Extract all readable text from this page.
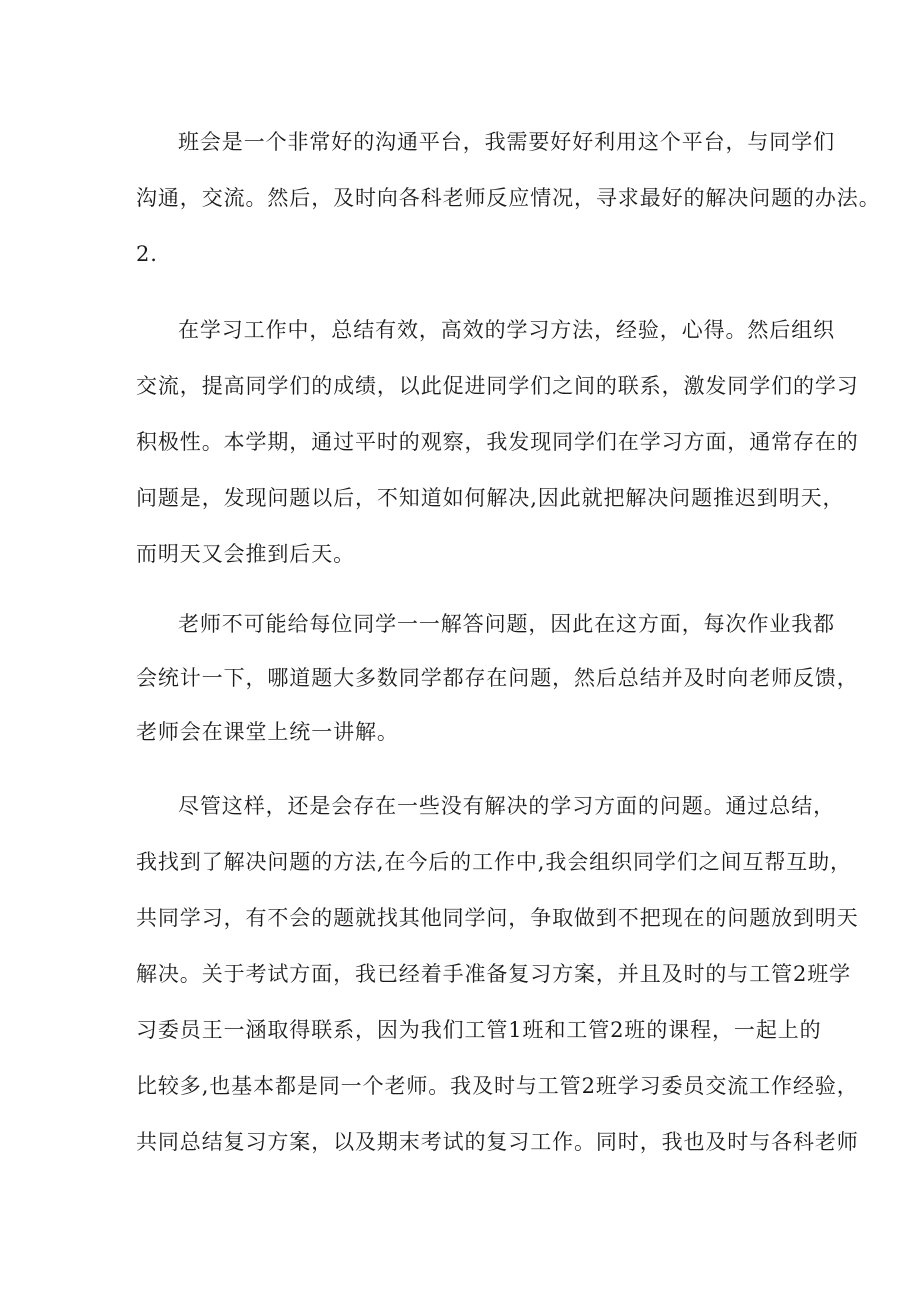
班会是一个非常好的沟通平台，我需要好好利用这个平台，与同学们
沟通，交流。然后，及时向各科老师反应情况，寻求最好的解决问题的办法。
2.
在学习工作中，总结有效，高效的学习方法，经验，心得。然后组织
交流，提高同学们的成绩，以此促进同学们之间的联系，激发同学们的学习
积极性。本学期，通过平时的观察，我发现同学们在学习方面，通常存在的
问题是，发现问题以后，不知道如何解决,因此就把解决问题推迟到明天，
而明天又会推到后天。
老师不可能给每位同学一一解答问题，因此在这方面，每次作业我都
会统计一下，哪道题大多数同学都存在问题，然后总结并及时向老师反馈，
老师会在课堂上统一讲解。
尽管这样，还是会存在一些没有解决的学习方面的问题。通过总结，
我找到了解决问题的方法,在今后的工作中,我会组织同学们之间互帮互助，
共同学习，有不会的题就找其他同学问，争取做到不把现在的问题放到明天
解决。关于考试方面，我已经着手准备复习方案，并且及时的与工管2班学
习委员王一涵取得联系，因为我们工管1班和工管2班的课程，一起上的
比较多,也基本都是同一个老师。我及时与工管2班学习委员交流工作经验，
共同总结复习方案，以及期末考试的复习工作。同时，我也及时与各科老师
